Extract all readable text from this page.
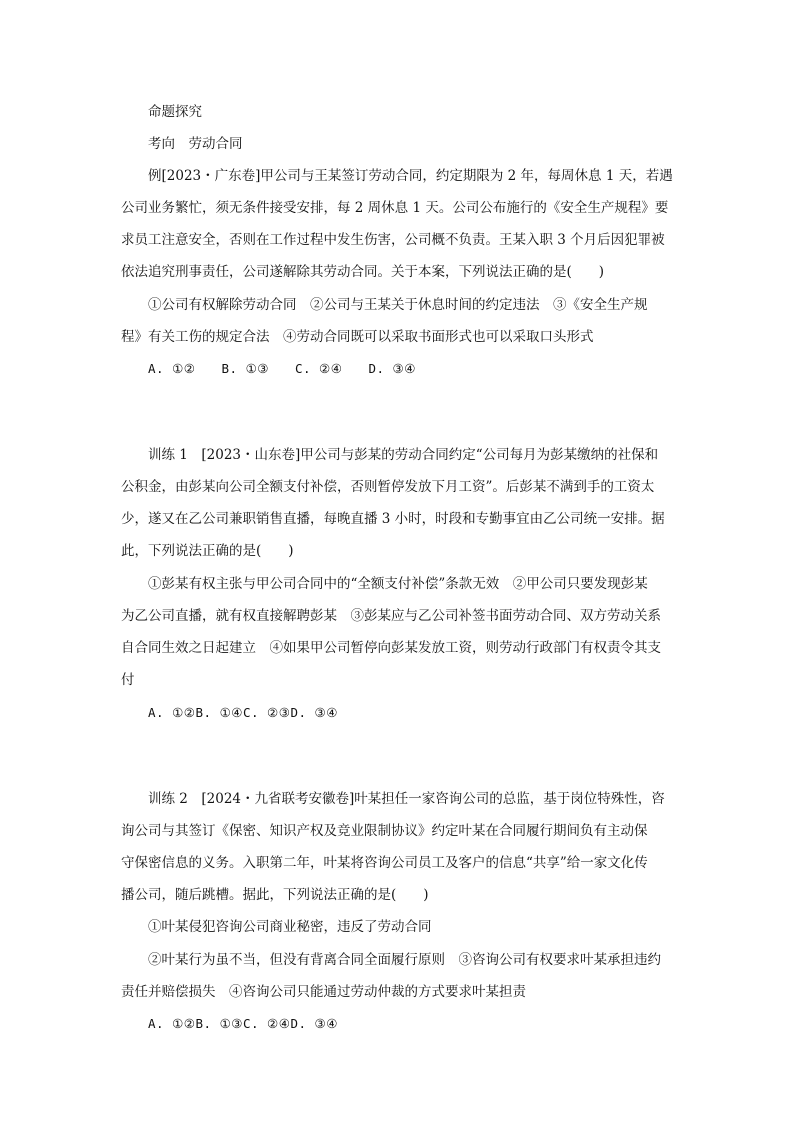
命题探究
考向　劳动合同
例[2023・广东卷]甲公司与王某签订劳动合同，约定期限为 2 年，每周休息 1 天，若遇
公司业务繁忙，须无条件接受安排，每 2 周休息 1 天。公司公布施行的《安全生产规程》要
求员工注意安全，否则在工作过程中发生伤害，公司概不负责。王某入职 3 个月后因犯罪被
依法追究刑事责任，公司遂解除其劳动合同。关于本案，下列说法正确的是(　　)
①公司有权解除劳动合同　②公司与王某关于休息时间的约定违法　③《安全生产规
程》有关工伤的规定合法　④劳动合同既可以采取书面形式也可以采取口头形式
A. ①②　　B. ①③　　C. ②④　　D. ③④
训练 1　[2023・山东卷]甲公司与彭某的劳动合同约定“公司每月为彭某缴纳的社保和
公积金，由彭某向公司全额支付补偿，否则暂停发放下月工资”。后彭某不满到手的工资太
少，遂又在乙公司兼职销售直播，每晚直播 3 小时，时段和专勤事宜由乙公司统一安排。据
此，下列说法正确的是(　　)
①彭某有权主张与甲公司合同中的“全额支付补偿”条款无效　②甲公司只要发现彭某
为乙公司直播，就有权直接解聘彭某　③彭某应与乙公司补签书面劳动合同、双方劳动关系
自合同生效之日起建立　④如果甲公司暂停向彭某发放工资，则劳动行政部门有权责令其支
付
A. ①②B. ①④C. ②③D. ③④
训练 2　[2024・九省联考安徽卷]叶某担任一家咨询公司的总监，基于岗位特殊性，咨
询公司与其签订《保密、知识产权及竞业限制协议》约定叶某在合同履行期间负有主动保
守保密信息的义务。入职第二年，叶某将咨询公司员工及客户的信息“共享”给一家文化传
播公司，随后跳槽。据此，下列说法正确的是(　　)
①叶某侵犯咨询公司商业秘密，违反了劳动合同
②叶某行为虽不当，但没有背离合同全面履行原则　③咨询公司有权要求叶某承担违约
责任并赔偿损失　④咨询公司只能通过劳动仲裁的方式要求叶某担责
A. ①②B. ①③C. ②④D. ③④
